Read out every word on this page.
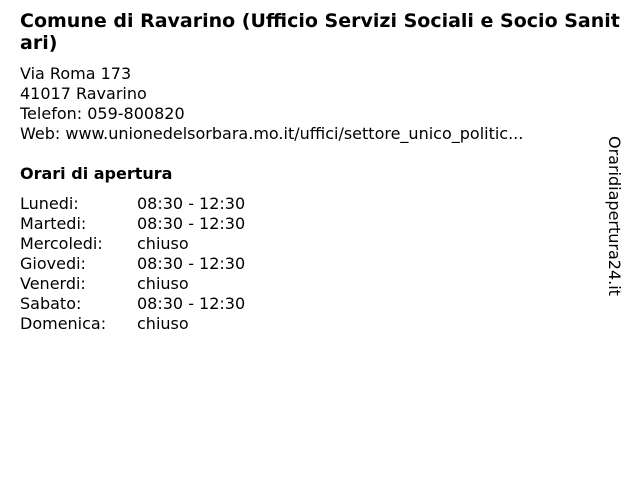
Comune di Ravarino (Ufficio Servizi Sociali e Socio Sanitari)
Via Roma 173
41017 Ravarino
Telefon: 059-800820
Web: www.unionedelsorbara.mo.it/uffici/settore_unico_politic...
Orari di apertura
Lunedi:	08:30 - 12:30
Martedi:	08:30 - 12:30
Mercoledi:	chiuso
Giovedi:	08:30 - 12:30
Venerdi:	chiuso
Sabato:	08:30 - 12:30
Domenica:	chiuso
Oraridiapertura24.it
